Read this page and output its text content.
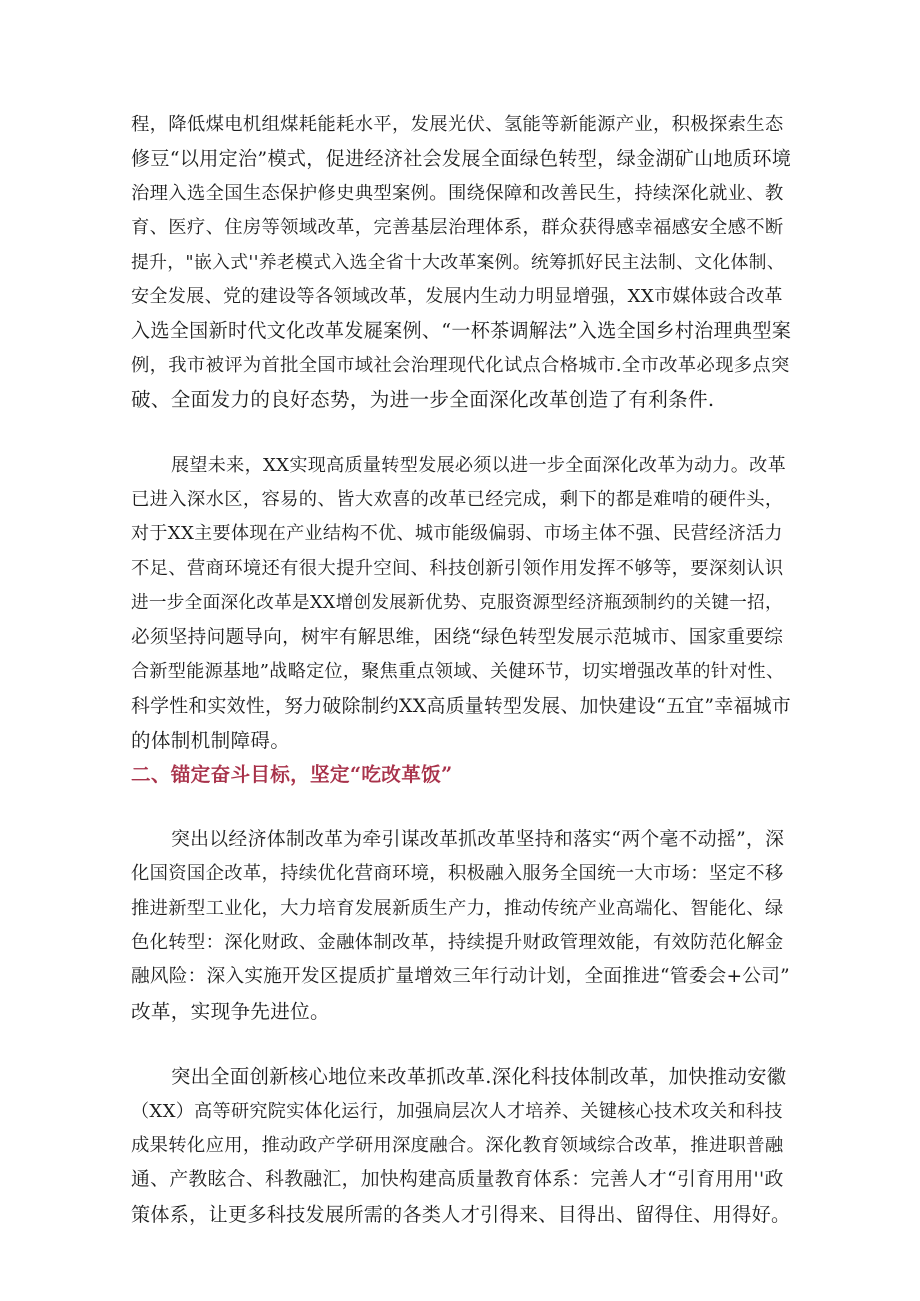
程，降低煤电机组煤耗能耗水平，发展光伏、氢能等新能源产业，积极探索生态
修豆“以用定治”模式，促进经济社会发展全面绿色转型，绿金湖矿山地质环境
治理入选全国生态保护修史典型案例。围绕保障和改善民生，持续深化就业、教
育、医疗、住房等领域改革，完善基层治理体系，群众获得感幸福感安全感不断
提升，"嵌入式''养老模式入选全省十大改革案例。统筹抓好民主法制、文化体制、
安全发展、党的建设等各领域改革，发展内生动力明显增强，XX市媒体豉合改革
入选全国新时代文化改革发屣案例、“一杯茶调解法”入选全国乡村治理典型案
例，我市被评为首批全国市域社会治理现代化试点合格城市.全市改革必现多点突
破、全面发力的良好态势，为进一步全面深化改革创造了有利条件.

展望未来，XX实现高质量转型发展必须以进一步全面深化改革为动力。改革
已进入深水区，容易的、皆大欢喜的改革已经完成，剩下的都是难啃的硬件头，
对于XX主要体现在产业结构不优、城市能级偏弱、市场主体不强、民营经济活力
不足、营商环境还有很大提升空间、科技创新引领作用发挥不够等，要深刻认识
进一步全面深化改革是XX增创发展新优势、克服资源型经济瓶颈制约的关键一招，
必须坚持问题导向，树牢有解思维，困绕“绿色转型发展示范城市、国家重要综
合新型能源基地”战略定位，聚焦重点领域、关健环节，切实增强改革的针对性、
科学性和实效性，努力破除制约XX高质量转型发展、加快建设“五宜”幸福城市
的体制机制障碍。

二、锚定奋斗目标，坚定“吃改革饭”

突出以经济体制改革为牵引谋改革抓改革坚持和落实“两个毫不动摇”，深
化国资国企改革，持续优化营商环境，积极融入服务全国统一大市场：坚定不移
推进新型工业化，大力培育发展新质生产力，推动传统产业高端化、智能化、绿
色化转型：深化财政、金融体制改革，持续提升财政管理效能，有效防范化解金
融风险：深入实施开发区提质扩量增效三年行动计划，全面推进“管委会+公司”
改革，实现争先进位。

突出全面创新核心地位来改革抓改革.深化科技体制改革，加快推动安徽
（XX）高等研究院实体化运行，加强扃层次人才培养、关键核心技术攻关和科技
成果转化应用，推动政产学研用深度融合。深化教育领域综合改革，推进职普融
通、产教眩合、科教融汇，加快构建高质量教育体系：完善人才“引育用用''政
策体系，让更多科技发展所需的各类人才引得来、目得出、留得住、用得好。
